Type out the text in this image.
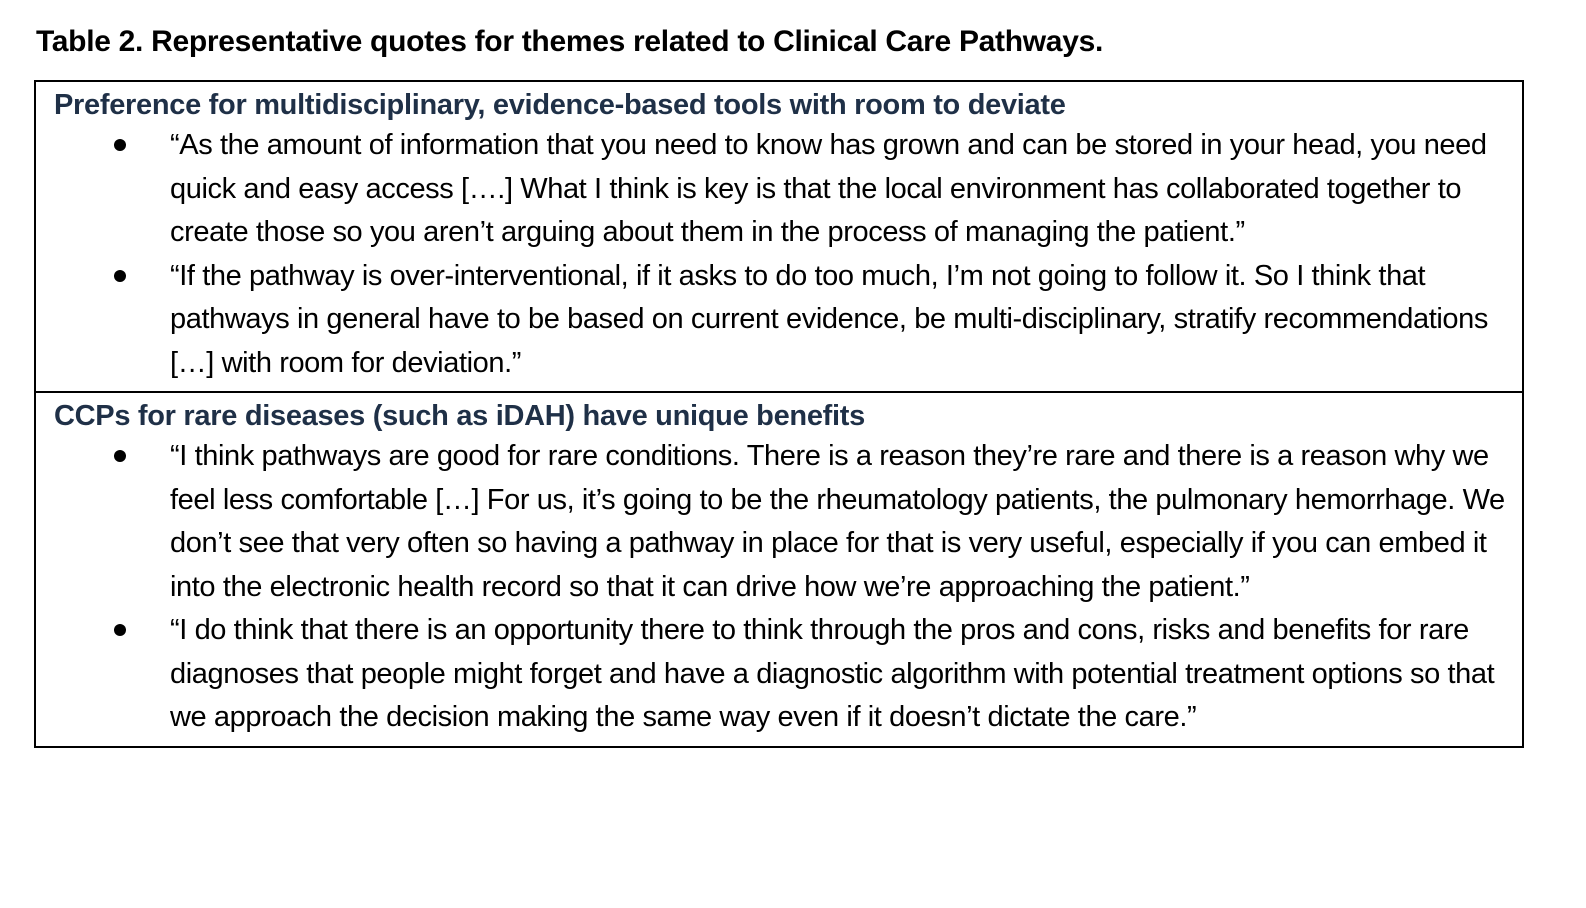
Table 2. Representative quotes for themes related to Clinical Care Pathways.
Preference for multidisciplinary, evidence-based tools with room to deviate
“As the amount of information that you need to know has grown and can be stored in your head, you need quick and easy access [….] What I think is key is that the local environment has collaborated together to create those so you aren’t arguing about them in the process of managing the patient.”
“If the pathway is over-interventional, if it asks to do too much, I’m not going to follow it. So I think that pathways in general have to be based on current evidence, be multi-disciplinary, stratify recommendations […] with room for deviation.”
CCPs for rare diseases (such as iDAH) have unique benefits
“I think pathways are good for rare conditions. There is a reason they’re rare and there is a reason why we feel less comfortable […] For us, it’s going to be the rheumatology patients, the pulmonary hemorrhage. We don’t see that very often so having a pathway in place for that is very useful, especially if you can embed it into the electronic health record so that it can drive how we’re approaching the patient.”
“I do think that there is an opportunity there to think through the pros and cons, risks and benefits for rare diagnoses that people might forget and have a diagnostic algorithm with potential treatment options so that we approach the decision making the same way even if it doesn’t dictate the care.”
